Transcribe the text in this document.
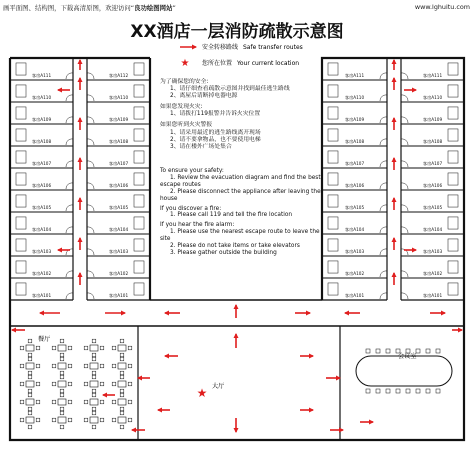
画平面图、结构图，下载高清原图，欢迎访问“良功绘图网站”	www.lghuitu.com
XX酒店一层消防疏散示意图
客房A101
客房A102
客房A103
客房A104
客房A105
客房A106
客房A107
客房A108
客房A109
客房A110
客房A111
客房A101
客房A102
客房A103
客房A104
客房A105
客房A106
客房A107
客房A108
客房A109
客房A110
客房A112
客房A101
客房A102
客房A103
客房A104
客房A105
客房A106
客房A107
客房A108
客房A109
客房A110
客房A111
客房A101
客房A102
客房A103
客房A104
客房A105
客房A106
客房A107
客房A108
客房A109
客房A110
客房A111
安全转移路线 Safe transfer routes
★ 您所在位置 Your current location
餐厅
大厅
会议室
★
为了确保您的安全:
1、请仔细查看疏散示意图并找到最佳逃生路线
2、离屋后请断掉电器电源
如果您发现火灾:
1、请拨打119报警并告诉火灾位置
如果您听到火灾警报
1、请采用最近的逃生路线离开现场
2、请不要拿物品，也不要使用电梯
3、请在楼外广场处集合
To ensure your safety:
1. Review the evacuation diagram and find the best
escape routes
2. Please disconnect the appliance after leaving the
house
If you discover a fire:
1. Please call 119 and tell the fire location
If you hear the fire alarm:
1. Please use the nearest escape route to leave the
site
2. Please do not take items or take elevators
3. Please gather outside the building
